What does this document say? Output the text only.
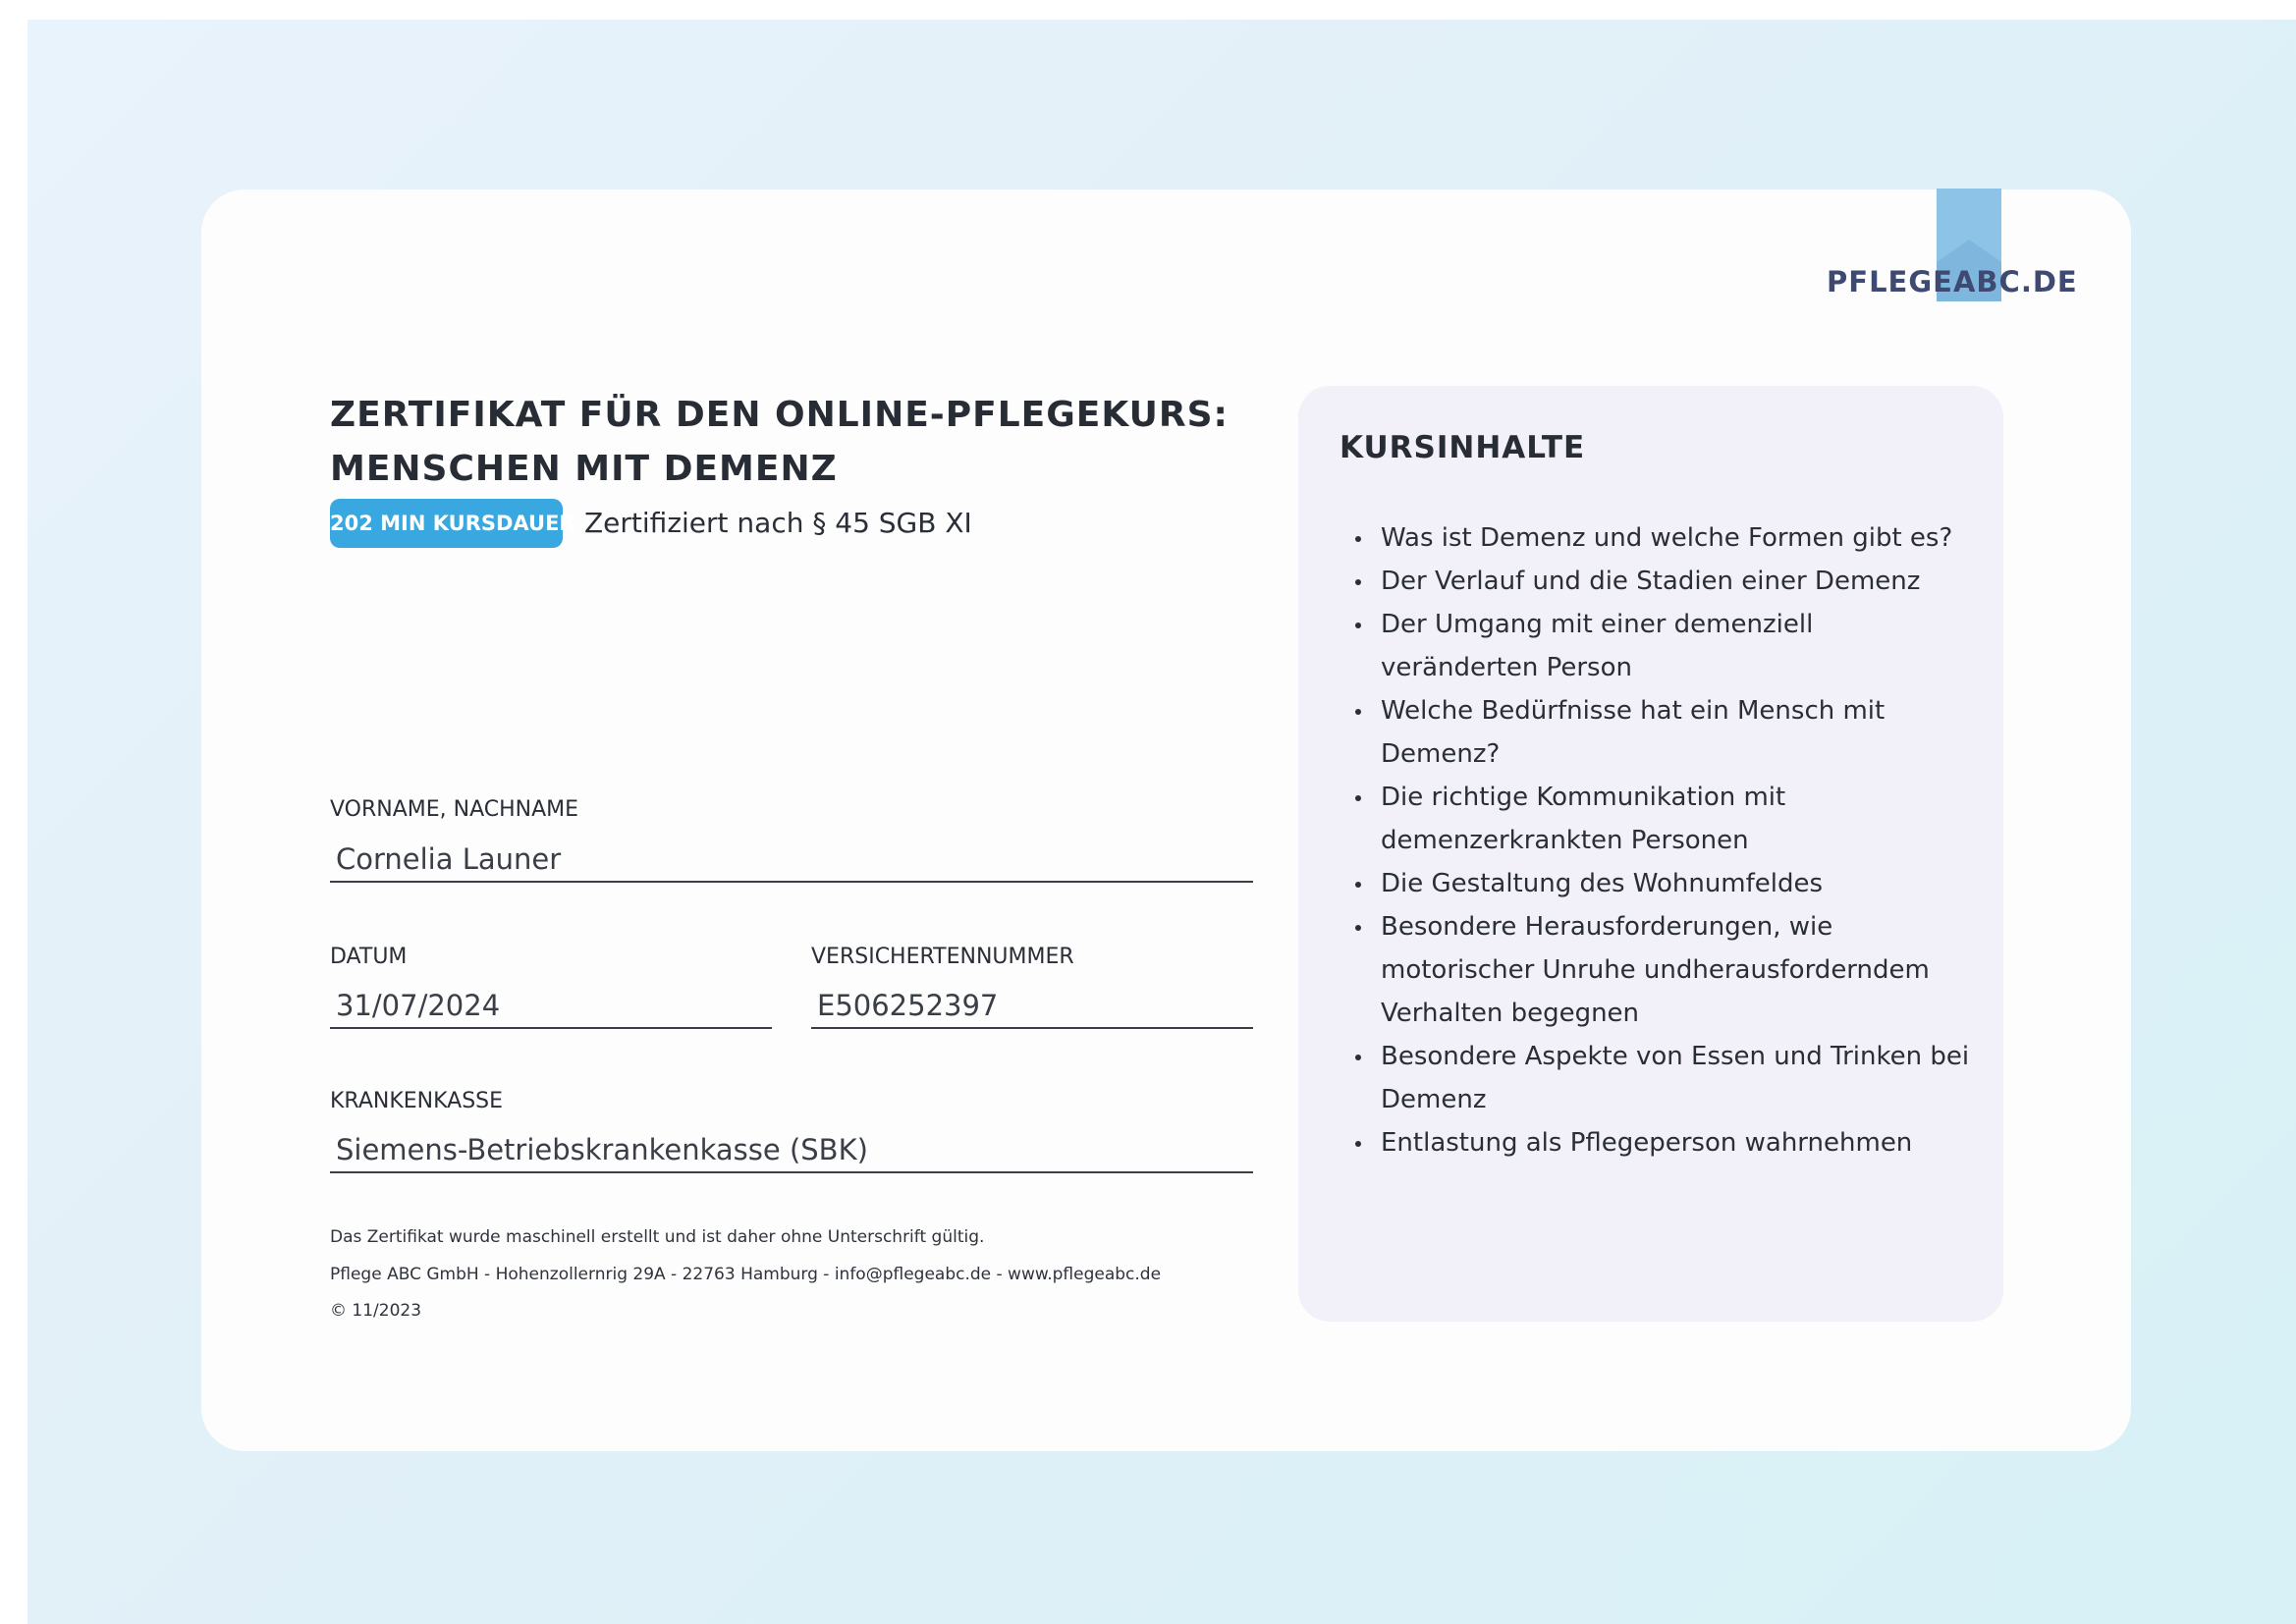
PFLEGEABC.DE
ZERTIFIKAT FÜR DEN ONLINE-PFLEGEKURS:
MENSCHEN MIT DEMENZ
202 MIN KURSDAUER Zertifiziert nach § 45 SGB XI
VORNAME, NACHNAME
Cornelia Launer
DATUM
31/07/2024
VERSICHERTENNUMMER
E506252397
KRANKENKASSE
Siemens-Betriebskrankenkasse (SBK)
Das Zertifikat wurde maschinell erstellt und ist daher ohne Unterschrift gültig.
Pflege ABC GmbH - Hohenzollernrig 29A - 22763 Hamburg - info@pflegeabc.de - www.pflegeabc.de
© 11/2023
KURSINHALTE
Was ist Demenz und welche Formen gibt es?
Der Verlauf und die Stadien einer Demenz
Der Umgang mit einer demenziell veränderten Person
Welche Bedürfnisse hat ein Mensch mit Demenz?
Die richtige Kommunikation mit demenzerkrankten Personen
Die Gestaltung des Wohnumfeldes
Besondere Herausforderungen, wie motorischer Unruhe undherausforderndem Verhalten begegnen
Besondere Aspekte von Essen und Trinken bei Demenz
Entlastung als Pflegeperson wahrnehmen
